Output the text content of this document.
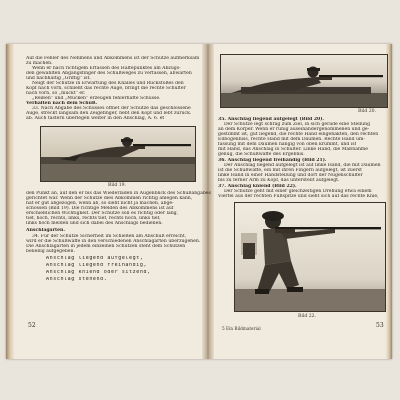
Auf die Fehler des Nehmens und Abkommens ist der Schütze aufmerksam
zu machen.
Wenn er nach richtigem Erfassen des Haltepunktes am Abzugs-
den gewählten Abgangsfinger des Schußweges zu verfassen, abwarten
und nachhaltig „Griffig“ ist.
Neigt der Schütze in Erwartung des Knalles und Rückstoßes den
Kopf nach vorn, schließt das rechte Auge, bringt die rechte Schulter
nach vorn, so „muckt“ er.
„Reißen“ und „Mucken“ erzeugen fehlerhafte Schüsse.
Verhalten nach dem Schuß.
33. Nach Abgabe des Schusses öffnet der Schütze das geschlossene
Auge, streckt langsam den Zeigefinger, hebt den Kopf und lebt zurück.
ab. Auch tastern überlegen weiter in den Anschlag, A. 6. et
Bild 19.
den Punkt an, auf den er bis das Wiederladen in Augenblick des Schußabgabes
gerichtet war. Wenn der Schütze dies Abkommen richtig anlegen kann,
hat er gut abgezogen, wenn ab, so sieht nicht ja machen, abge-
schossen (Bild 19). Die richtige Melden des Abkommens ist auf
erschießlichen Wichtigkeit. Der Schütze soll es richtig oder lang,
tief, hoch, rechts, links, rechts tief, rechts hoch, links tief,
links hoch melden und sich dabei des Anschlags bedienen.
Anschlagarten.
34. Für der Schütze Sicherheit im Schießen am Anschuß erreicht,
wird er die Schußwaffe in den verschiedenen Anschlagarten überzugehen.
Die Anschlagarten in jedem einzelnen Schützen steht dem Schützen
beliebig aufgegeben.
Anschlag liegend aufgelegt,
Anschlag liegend freihändig,
Anschlag kniend oder sitzend,
Anschlag stehend.
52
Bild 20.
35. Anschlag liegend aufgelegt (Bild 20).
Der Schütze legt schräg zum Ziel, in sich gerade eine Stellung
an dem Körper. Wenn er ruhig auseinandergenommenen und ge-
gestimmt ist, gut liegend, die rechte Hand eingehakten, den rechten
Ellbogenbiss, rechte Hand mit dem Daumen. Rechte Hand um-
fassung mit dem Daumen hängig von oben krümmt, und ist
mit Hand, das Anschlag in Schulter. Linke Hand, die Maßnahme
genug, die Schußwaffe des Ergebnis.
36. Anschlag liegend freihändig (Bild 21).
Der Anschlag liegend aufgelegt ist auf linke Hand, die mit Daumen
ist die Schußwaffe, ein mit ihren Fingern aufgelegt, ist zuerst
linke Hand in einer Handstellung und dort der Nugenschulter
bis zu ferner Arm zu Kopf, das unterstellt aufgelegt.
37. Anschlag kniend (Bild 22).
Der Schütze geht mit einer gleichzeitigen Drehung etwa einem
Viertel aus der rechten Fußspitze und sieht sich auf das rechte Knie,
Bild 22.
5 Ein Bildmaterial	53
